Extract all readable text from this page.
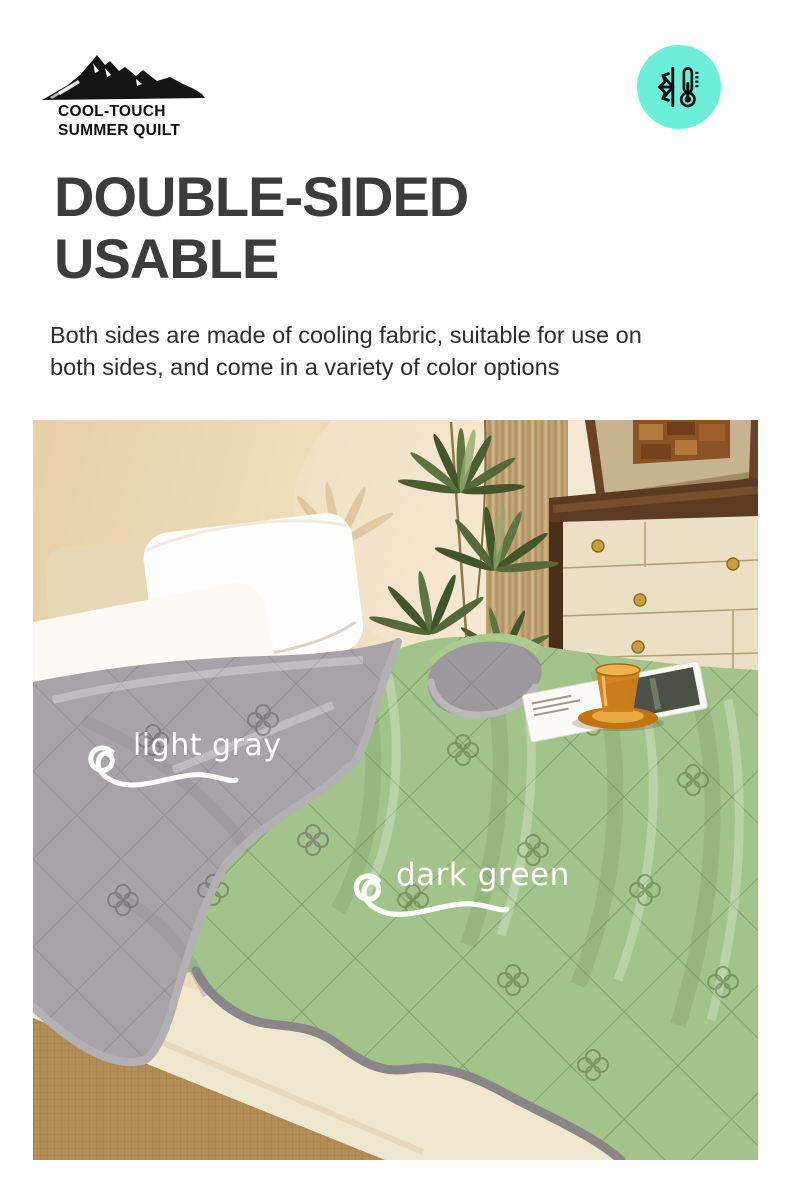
COOL-TOUCH
SUMMER QUILT
DOUBLE-SIDED
USABLE

Both sides are made of cooling fabric, suitable for use on
both sides, and come in a variety of color options

light gray
dark green
